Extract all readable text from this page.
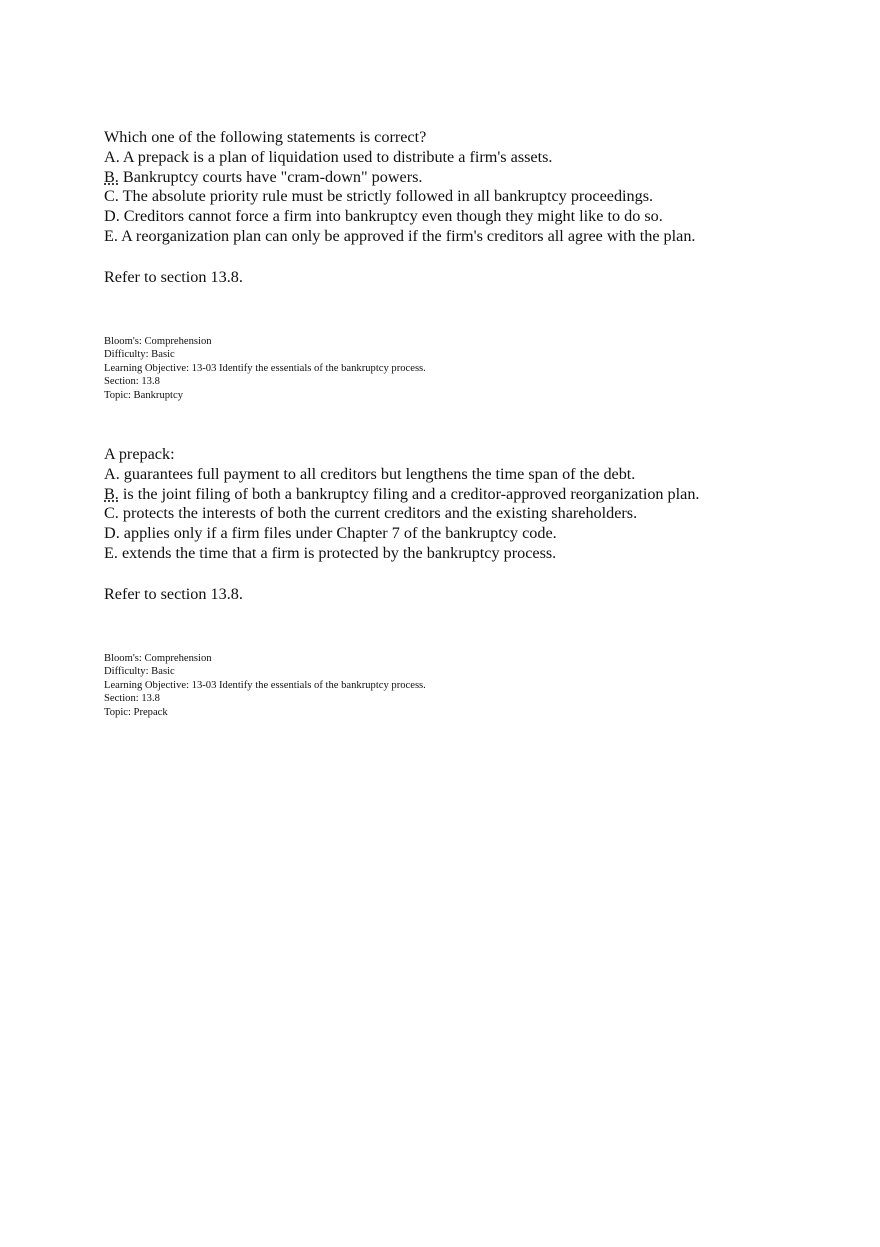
Which one of the following statements is correct?
A. A prepack is a plan of liquidation used to distribute a firm's assets.
B. Bankruptcy courts have "cram-down" powers.
C. The absolute priority rule must be strictly followed in all bankruptcy proceedings.
D. Creditors cannot force a firm into bankruptcy even though they might like to do so.
E. A reorganization plan can only be approved if the firm's creditors all agree with the plan.
Refer to section 13.8.
Bloom's: Comprehension
Difficulty: Basic
Learning Objective: 13-03 Identify the essentials of the bankruptcy process.
Section: 13.8
Topic: Bankruptcy
A prepack:
A. guarantees full payment to all creditors but lengthens the time span of the debt.
B. is the joint filing of both a bankruptcy filing and a creditor-approved reorganization plan.
C. protects the interests of both the current creditors and the existing shareholders.
D. applies only if a firm files under Chapter 7 of the bankruptcy code.
E. extends the time that a firm is protected by the bankruptcy process.
Refer to section 13.8.
Bloom's: Comprehension
Difficulty: Basic
Learning Objective: 13-03 Identify the essentials of the bankruptcy process.
Section: 13.8
Topic: Prepack
